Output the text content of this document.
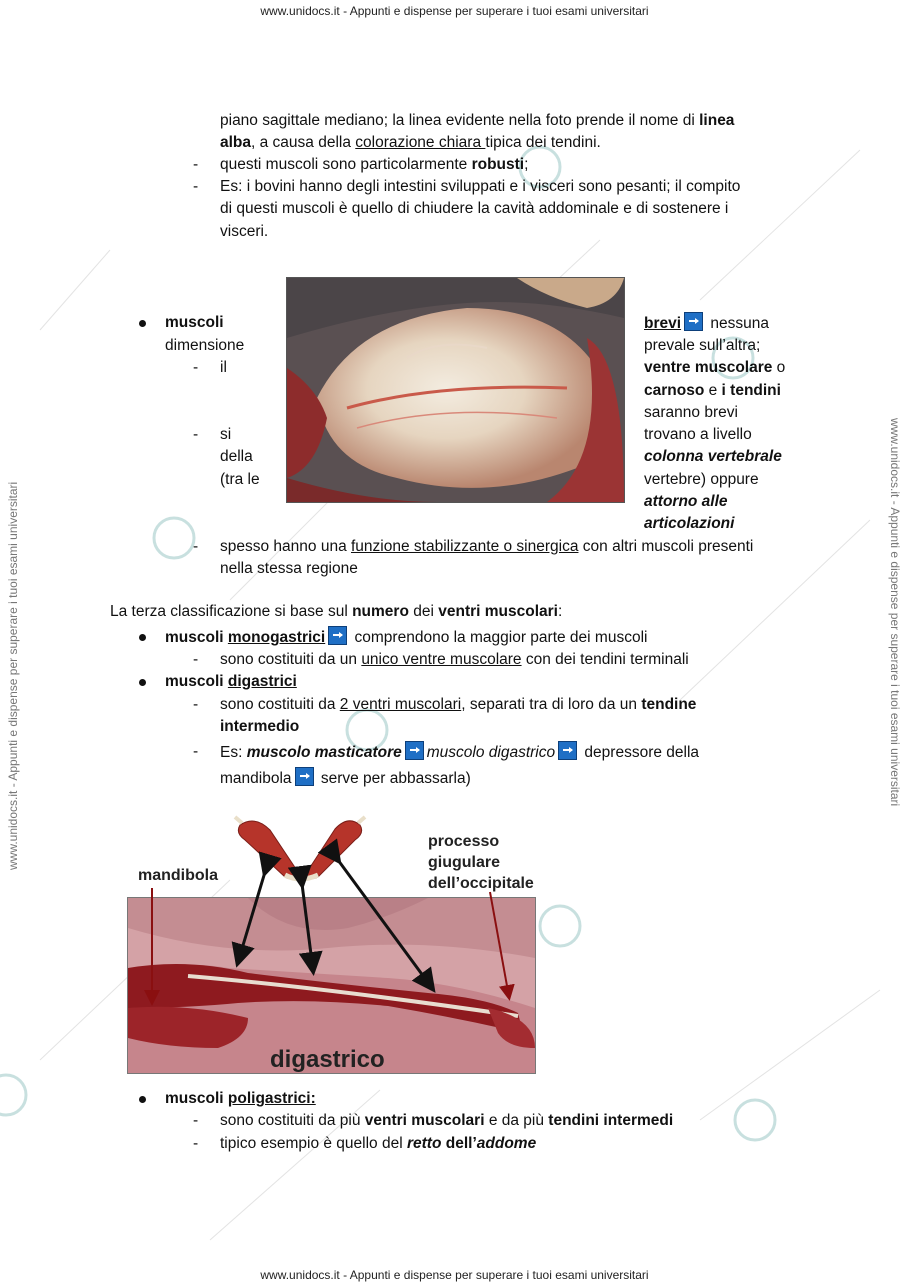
www.unidocs.it - Appunti e dispense per superare i tuoi esami universitari
www.unidocs.it - Appunti e dispense per superare i tuoi esami universitari
www.unidocs.it - Appunti e dispense per superare i tuoi esami universitari	www.unidocs.it - Appunti e dispense per superare i tuoi esami universitari
piano sagittale mediano; la linea evidente nella foto prende il nome di linea
alba, a causa della colorazione chiara tipica dei tendini.
- questi muscoli sono particolarmente robusti;
- Es: i bovini hanno degli intestini sviluppati e i visceri sono pesanti; il compito
di questi muscoli è quello di chiudere la cavità addominale e di sostenere i
visceri.
muscoli
dimensione
- il
- si
della
(tra le
brevi nessuna
prevale sull’altra;
ventre muscolare o
carnoso e i tendini
saranno brevi
trovano a livello
colonna vertebrale
vertebre) oppure
attorno alle
articolazioni
- spesso hanno una funzione stabilizzante o sinergica con altri muscoli presenti
nella stessa regione
La terza classificazione si base sul numero dei ventri muscolari:
muscoli monogastrici comprendono la maggior parte dei muscoli
- sono costituiti da un unico ventre muscolare con dei tendini terminali
muscoli digastrici
- sono costituiti da 2 ventri muscolari, separati tra di loro da un tendine
intermedio
- Es: muscolo masticatore muscolo digastrico depressore della
mandibola serve per abbassarla)
mandibola
processo
giugulare
dell’occipitale
digastrico
muscoli poligastrici:
- sono costituiti da più ventri muscolari e da più tendini intermedi
- tipico esempio è quello del retto dell’addome
